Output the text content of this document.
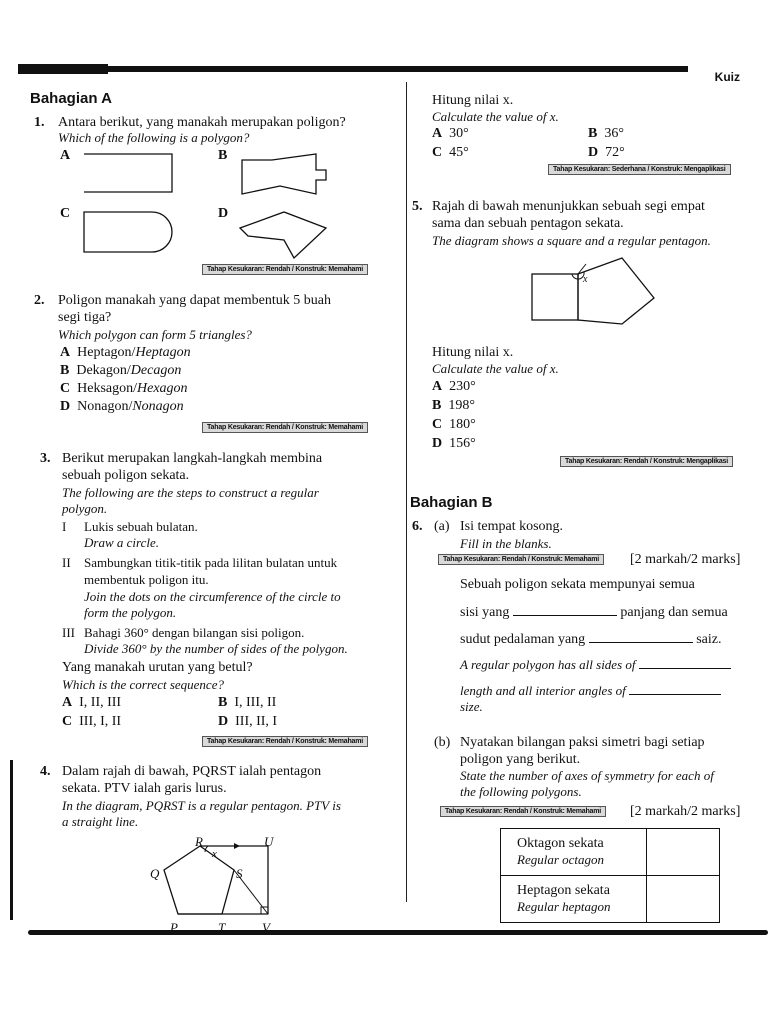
Kuiz
Bahagian A
1. Antara berikut, yang manakah merupakan poligon?
Which of the following is a polygon?
A	B
C	D
Tahap Kesukaran: Rendah / Konstruk: Memahami
2. Poligon manakah yang dapat membentuk 5 buah
segi tiga?
Which polygon can form 5 triangles?
A Heptagon/Heptagon
B Dekagon/Decagon
C Heksagon/Hexagon
D Nonagon/Nonagon
Tahap Kesukaran: Rendah / Konstruk: Memahami
3. Berikut merupakan langkah-langkah membina
sebuah poligon sekata.
The following are the steps to construct a regular
polygon.
I Lukis sebuah bulatan.
Draw a circle.
II Sambungkan titik-titik pada lilitan bulatan untuk
membentuk poligon itu.
Join the dots on the circumference of the circle to
form the polygon.
III Bahagi 360° dengan bilangan sisi poligon.
Divide 360° by the number of sides of the polygon.
Yang manakah urutan yang betul?
Which is the correct sequence?
A I, II, III	B I, III, II
C III, I, II	D III, II, I
Tahap Kesukaran: Rendah / Konstruk: Memahami
4. Dalam rajah di bawah, PQRST ialah pentagon
sekata. PTV ialah garis lurus.
In the diagram, PQRST is a regular pentagon. PTV is
a straight line.
R	U
x
Q	S
P	T	V
Hitung nilai x.
Calculate the value of x.
A 30°	B 36°
C 45°	D 72°
Tahap Kesukaran: Sederhana / Konstruk: Mengaplikasi
5. Rajah di bawah menunjukkan sebuah segi empat
sama dan sebuah pentagon sekata.
The diagram shows a square and a regular pentagon.
x
Hitung nilai x.
Calculate the value of x.
A 230°
B 198°
C 180°
D 156°
Tahap Kesukaran: Rendah / Konstruk: Mengaplikasi
Bahagian B
6. (a) Isi tempat kosong.
Fill in the blanks.
Tahap Kesukaran: Rendah / Konstruk: Memahami	[2 markah/2 marks]
Sebuah poligon sekata mempunyai semua
sisi yang	panjang dan semua
sudut pedalaman yang	saiz.
A regular polygon has all sides of
length and all interior angles of
size.
(b) Nyatakan bilangan paksi simetri bagi setiap
poligon yang berikut.
State the number of axes of symmetry for each of
the following polygons.
Tahap Kesukaran: Rendah / Konstruk: Memahami	[2 markah/2 marks]
Oktagon sekata
Regular octagon	

Heptagon sekata
Regular heptagon	
